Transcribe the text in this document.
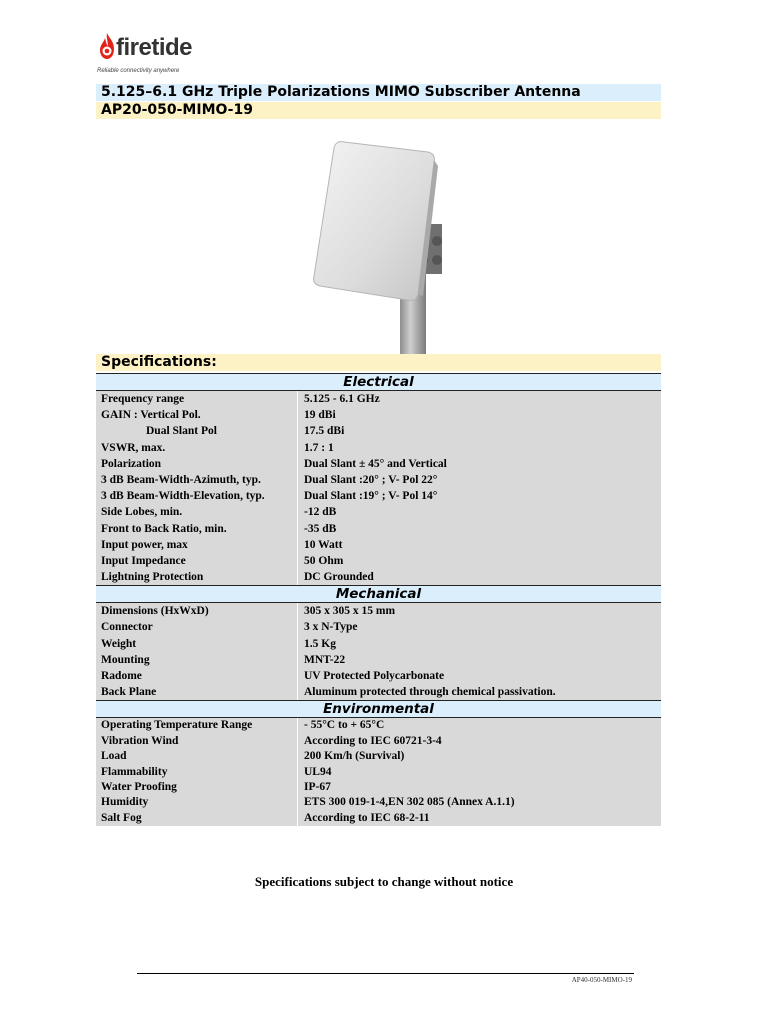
firetide
Reliable connectivity anywhere
5.125–6.1 GHz Triple Polarizations MIMO Subscriber Antenna
AP20-050-MIMO-19
Specifications:
Electrical
Frequency range	5.125 - 6.1 GHz
GAIN : Vertical Pol.	19 dBi
Dual Slant Pol	17.5 dBi
VSWR, max.	1.7 : 1
Polarization	Dual Slant ± 45° and Vertical
3 dB Beam-Width-Azimuth, typ.	Dual Slant :20° ; V- Pol 22°
3 dB Beam-Width-Elevation, typ.	Dual Slant :19° ; V- Pol 14°
Side Lobes, min.	-12 dB
Front to Back Ratio, min.	-35 dB
Input power, max	10 Watt
Input Impedance	50 Ohm
Lightning Protection	DC Grounded
Mechanical
Dimensions (HxWxD)	305 x 305 x 15 mm
Connector	3 x N-Type
Weight	1.5 Kg
Mounting	MNT-22
Radome	UV Protected Polycarbonate
Back Plane	Aluminum protected through chemical passivation.
Environmental
Operating Temperature Range	- 55°C to + 65°C
Vibration Wind	According to IEC 60721-3-4
Load	200 Km/h (Survival)
Flammability	UL94
Water Proofing	IP-67
Humidity	ETS 300 019-1-4,EN 302 085 (Annex A.1.1)
Salt Fog	According to IEC 68-2-11
Specifications subject to change without notice
AP40-050-MIMO-19
